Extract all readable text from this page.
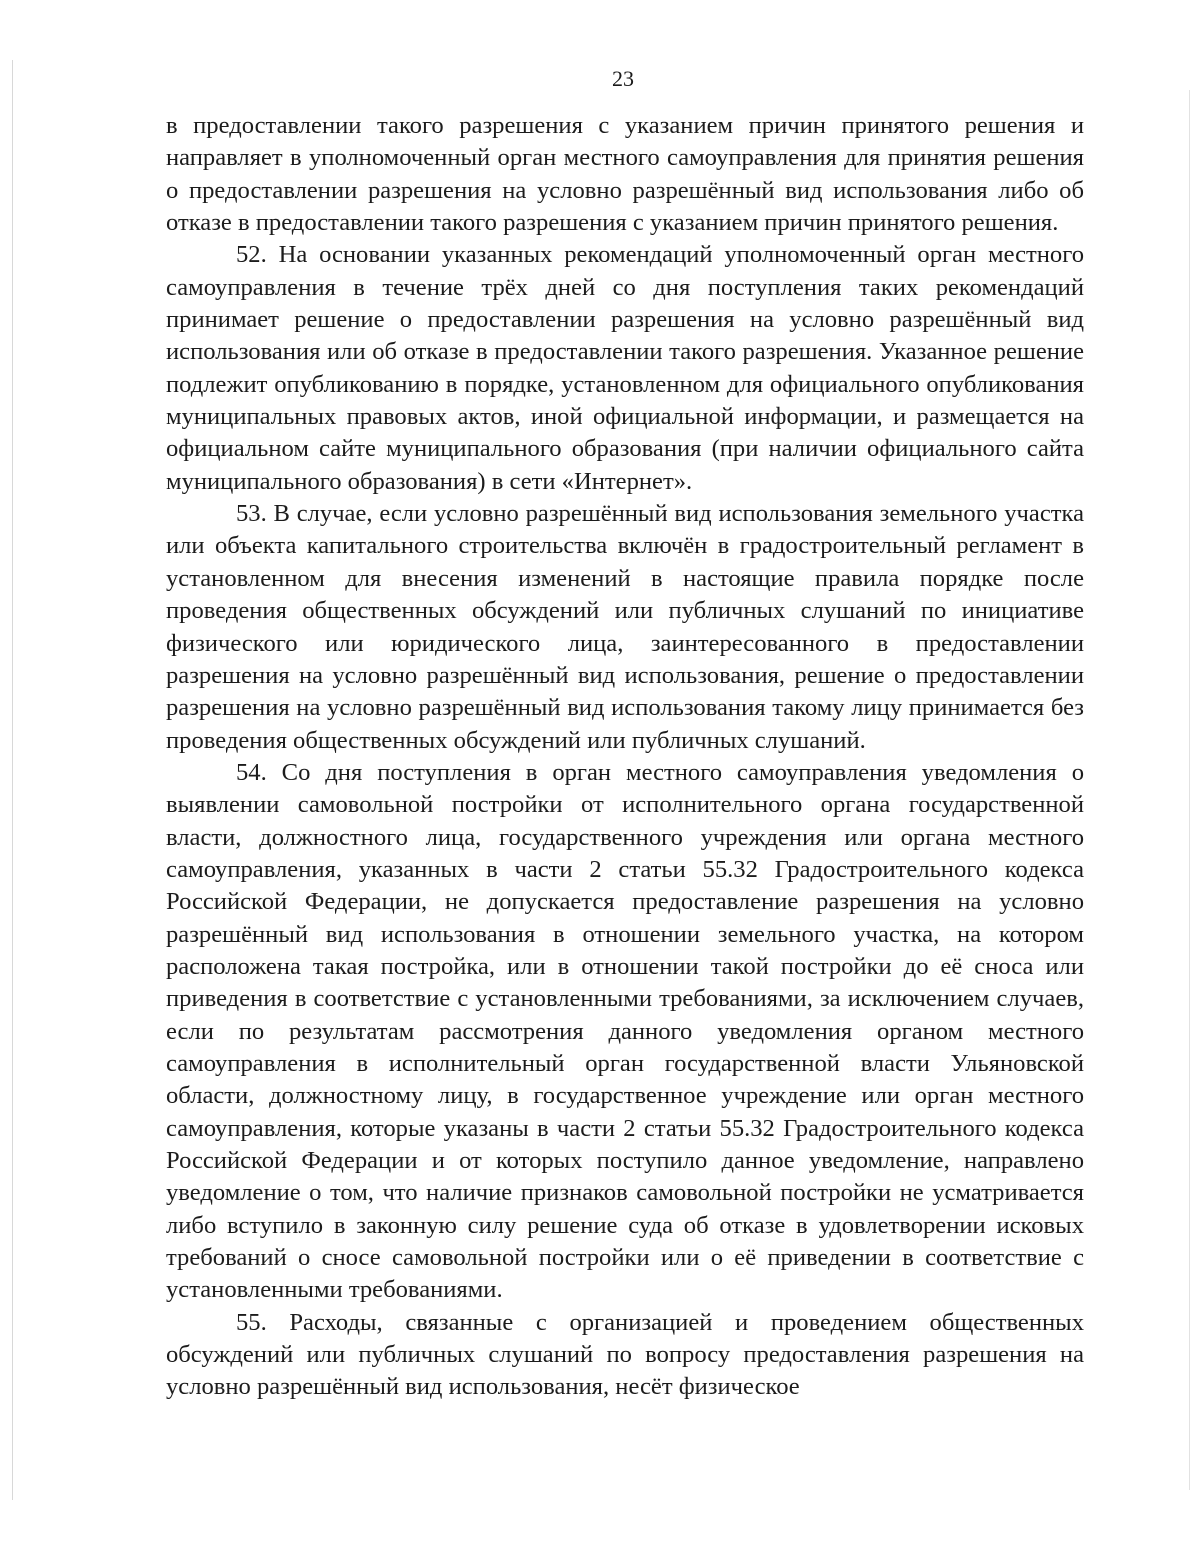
23

в предоставлении такого разрешения с указанием причин принятого решения и направляет в уполномоченный орган местного самоуправления для принятия решения о предоставлении разрешения на условно разрешённый вид использования либо об отказе в предоставлении такого разрешения с указанием причин принятого решения.

52. На основании указанных рекомендаций уполномоченный орган местного самоуправления в течение трёх дней со дня поступления таких рекомендаций принимает решение о предоставлении разрешения на условно разрешённый вид использования или об отказе в предоставлении такого разрешения. Указанное решение подлежит опубликованию в порядке, установленном для официального опубликования муниципальных правовых актов, иной официальной информации, и размещается на официальном сайте муниципального образования (при наличии официального сайта муниципального образования) в сети «Интернет».

53. В случае, если условно разрешённый вид использования земельного участка или объекта капитального строительства включён в градостроительный регламент в установленном для внесения изменений в настоящие правила порядке после проведения общественных обсуждений или публичных слушаний по инициативе физического или юридического лица, заинтересованного в предоставлении разрешения на условно разрешённый вид использования, решение о предоставлении разрешения на условно разрешённый вид использования такому лицу принимается без проведения общественных обсуждений или публичных слушаний.

54. Со дня поступления в орган местного самоуправления уведомления о выявлении самовольной постройки от исполнительного органа государственной власти, должностного лица, государственного учреждения или органа местного самоуправления, указанных в части 2 статьи 55.32 Градостроительного кодекса Российской Федерации, не допускается предоставление разрешения на условно разрешённый вид использования в отношении земельного участка, на котором расположена такая постройка, или в отношении такой постройки до её сноса или приведения в соответствие с установленными требованиями, за исключением случаев, если по результатам рассмотрения данного уведомления органом местного самоуправления в исполнительный орган государственной власти Ульяновской области, должностному лицу, в государственное учреждение или орган местного самоуправления, которые указаны в части 2 статьи 55.32 Градостроительного кодекса Российской Федерации и от которых поступило данное уведомление, направлено уведомление о том, что наличие признаков самовольной постройки не усматривается либо вступило в законную силу решение суда об отказе в удовлетворении исковых требований о сносе самовольной постройки или о её приведении в соответствие с установленными требованиями.

55. Расходы, связанные с организацией и проведением общественных обсуждений или публичных слушаний по вопросу предоставления разрешения на условно разрешённый вид использования, несёт физическое
